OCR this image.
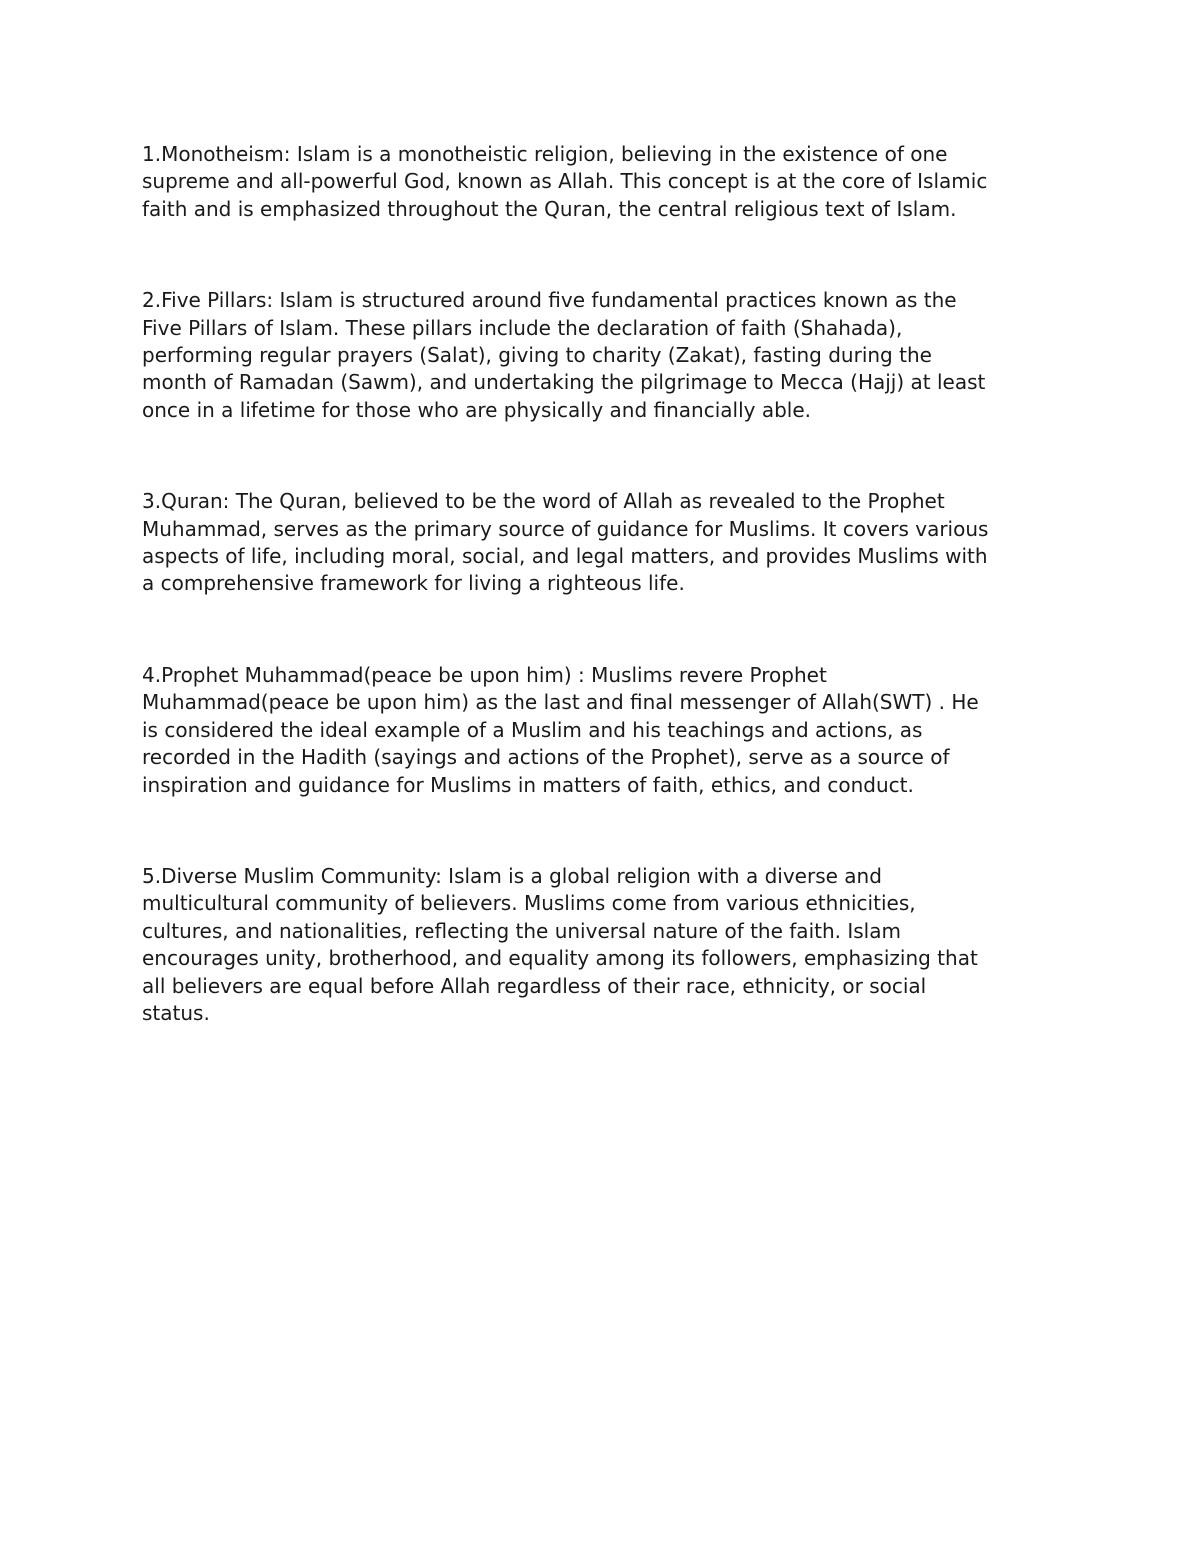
1.Monotheism: Islam is a monotheistic religion, believing in the existence of one
supreme and all-powerful God, known as Allah. This concept is at the core of Islamic
faith and is emphasized throughout the Quran, the central religious text of Islam.

2.Five Pillars: Islam is structured around five fundamental practices known as the
Five Pillars of Islam. These pillars include the declaration of faith (Shahada),
performing regular prayers (Salat), giving to charity (Zakat), fasting during the
month of Ramadan (Sawm), and undertaking the pilgrimage to Mecca (Hajj) at least
once in a lifetime for those who are physically and financially able.

3.Quran: The Quran, believed to be the word of Allah as revealed to the Prophet
Muhammad, serves as the primary source of guidance for Muslims. It covers various
aspects of life, including moral, social, and legal matters, and provides Muslims with
a comprehensive framework for living a righteous life.

4.Prophet Muhammad(peace be upon him) : Muslims revere Prophet
Muhammad(peace be upon him) as the last and final messenger of Allah(SWT) . He
is considered the ideal example of a Muslim and his teachings and actions, as
recorded in the Hadith (sayings and actions of the Prophet), serve as a source of
inspiration and guidance for Muslims in matters of faith, ethics, and conduct.

5.Diverse Muslim Community: Islam is a global religion with a diverse and
multicultural community of believers. Muslims come from various ethnicities,
cultures, and nationalities, reflecting the universal nature of the faith. Islam
encourages unity, brotherhood, and equality among its followers, emphasizing that
all believers are equal before Allah regardless of their race, ethnicity, or social
status.
